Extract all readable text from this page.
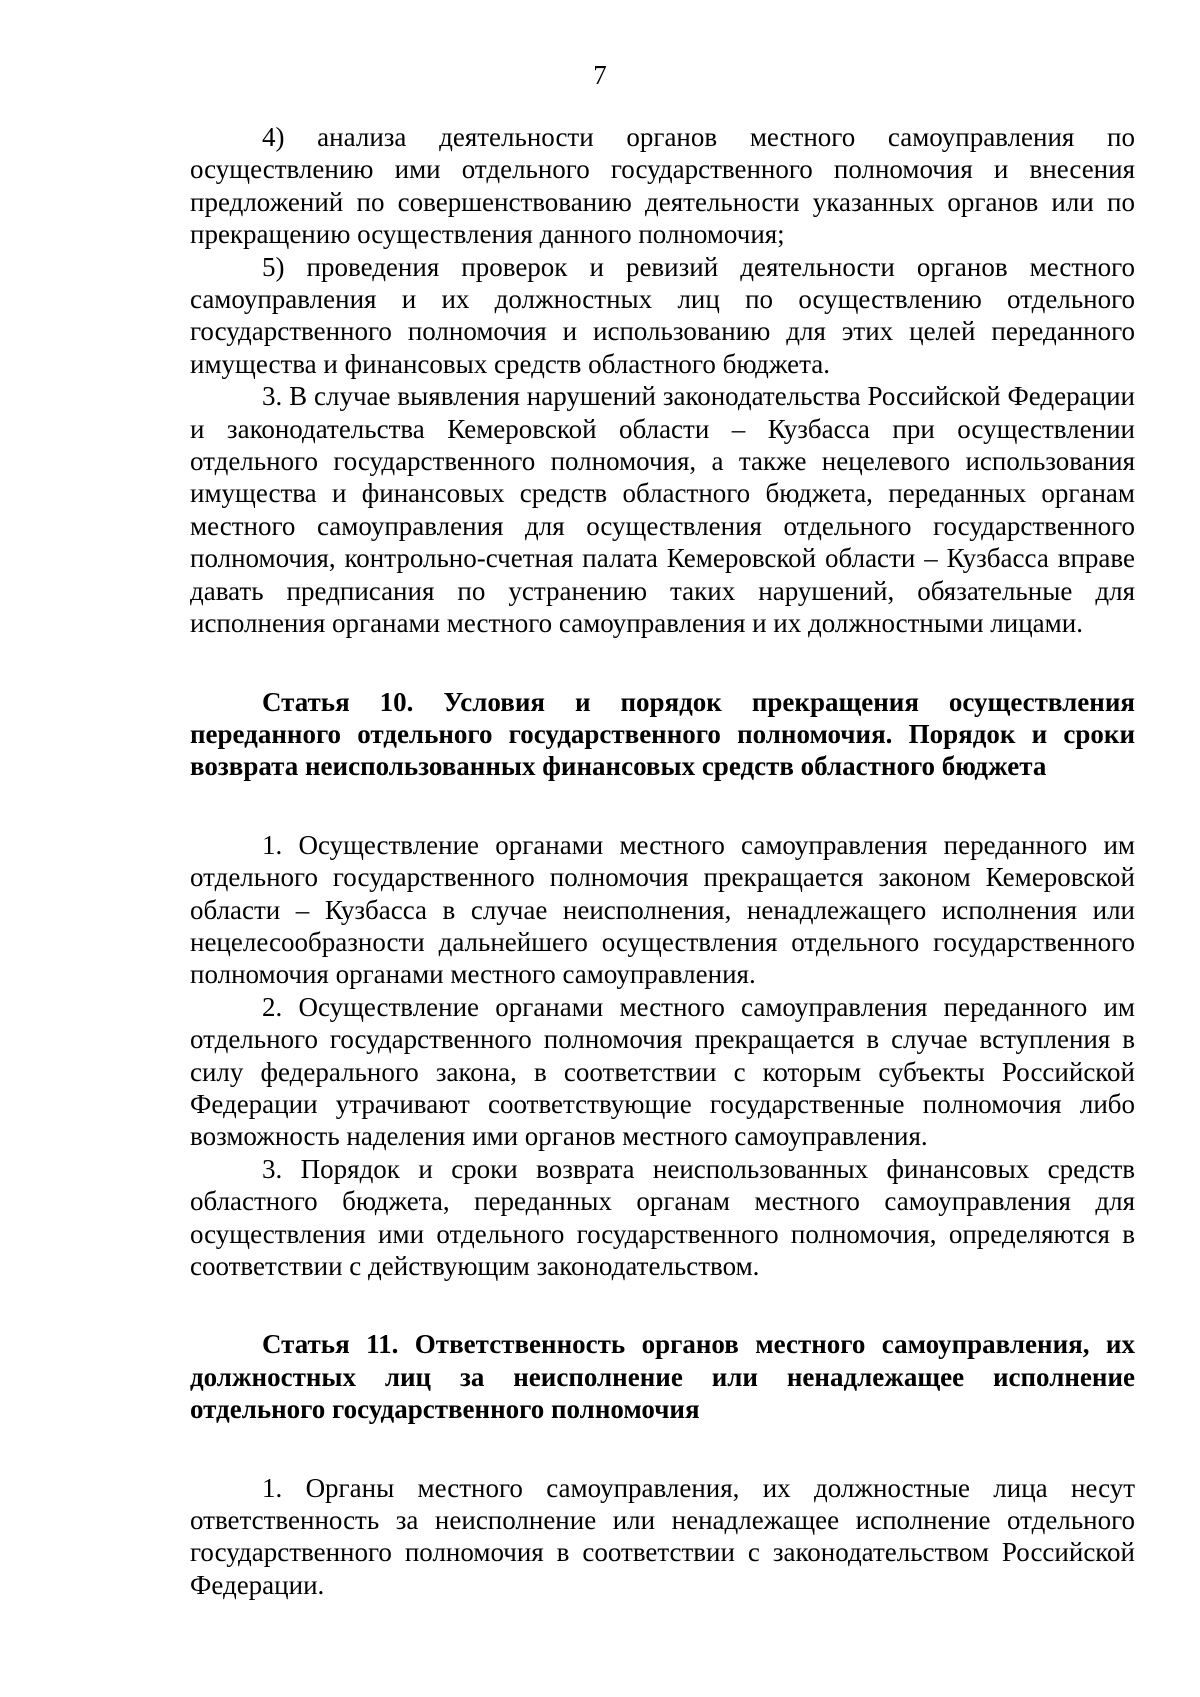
7

4) анализа деятельности органов местного самоуправления по осуществлению ими отдельного государственного полномочия и внесения предложений по совершенствованию деятельности указанных органов или по прекращению осуществления данного полномочия;

5) проведения проверок и ревизий деятельности органов местного самоуправления и их должностных лиц по осуществлению отдельного государственного полномочия и использованию для этих целей переданного имущества и финансовых средств областного бюджета.

3. В случае выявления нарушений законодательства Российской Федерации и законодательства Кемеровской области – Кузбасса при осуществлении отдельного государственного полномочия, а также нецелевого использования имущества и финансовых средств областного бюджета, переданных органам местного самоуправления для осуществления отдельного государственного полномочия, контрольно-счетная палата Кемеровской области – Кузбасса вправе давать предписания по устранению таких нарушений, обязательные для исполнения органами местного самоуправления и их должностными лицами.

Статья 10. Условия и порядок прекращения осуществления переданного отдельного государственного полномочия. Порядок и сроки возврата неиспользованных финансовых средств областного бюджета

1. Осуществление органами местного самоуправления переданного им отдельного государственного полномочия прекращается законом Кемеровской области – Кузбасса в случае неисполнения, ненадлежащего исполнения или нецелесообразности дальнейшего осуществления отдельного государственного полномочия органами местного самоуправления.

2. Осуществление органами местного самоуправления переданного им отдельного государственного полномочия прекращается в случае вступления в силу федерального закона, в соответствии с которым субъекты Российской Федерации утрачивают соответствующие государственные полномочия либо возможность наделения ими органов местного самоуправления.

3. Порядок и сроки возврата неиспользованных финансовых средств областного бюджета, переданных органам местного самоуправления для осуществления ими отдельного государственного полномочия, определяются в соответствии с действующим законодательством.

Статья 11. Ответственность органов местного самоуправления, их должностных лиц за неисполнение или ненадлежащее исполнение отдельного государственного полномочия

1. Органы местного самоуправления, их должностные лица несут ответственность за неисполнение или ненадлежащее исполнение отдельного государственного полномочия в соответствии с законодательством Российской Федерации.
